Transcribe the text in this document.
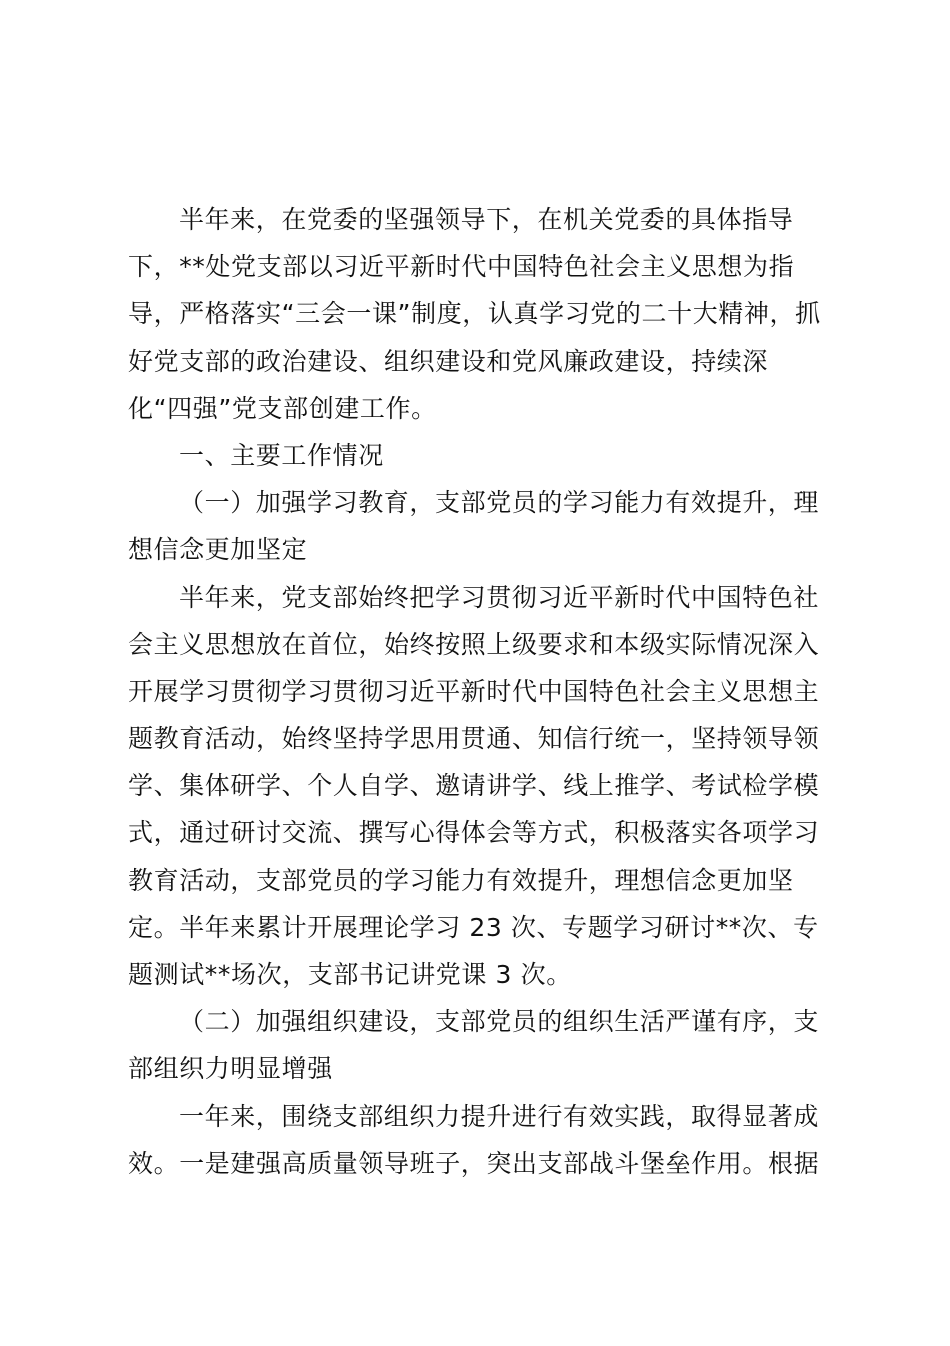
半年来，在党委的坚强领导下，在机关党委的具体指导
下，**处党支部以习近平新时代中国特色社会主义思想为指
导，严格落实“三会一课”制度，认真学习党的二十大精神，抓
好党支部的政治建设、组织建设和党风廉政建设，持续深
化“四强”党支部创建工作。
一、主要工作情况
（一）加强学习教育，支部党员的学习能力有效提升，理
想信念更加坚定
半年来，党支部始终把学习贯彻习近平新时代中国特色社
会主义思想放在首位，始终按照上级要求和本级实际情况深入
开展学习贯彻学习贯彻习近平新时代中国特色社会主义思想主
题教育活动，始终坚持学思用贯通、知信行统一，坚持领导领
学、集体研学、个人自学、邀请讲学、线上推学、考试检学模
式，通过研讨交流、撰写心得体会等方式，积极落实各项学习
教育活动，支部党员的学习能力有效提升，理想信念更加坚
定。半年来累计开展理论学习 23 次、专题学习研讨**次、专
题测试**场次，支部书记讲党课 3 次。
（二）加强组织建设，支部党员的组织生活严谨有序，支
部组织力明显增强
一年来，围绕支部组织力提升进行有效实践，取得显著成
效。一是建强高质量领导班子，突出支部战斗堡垒作用。根据
